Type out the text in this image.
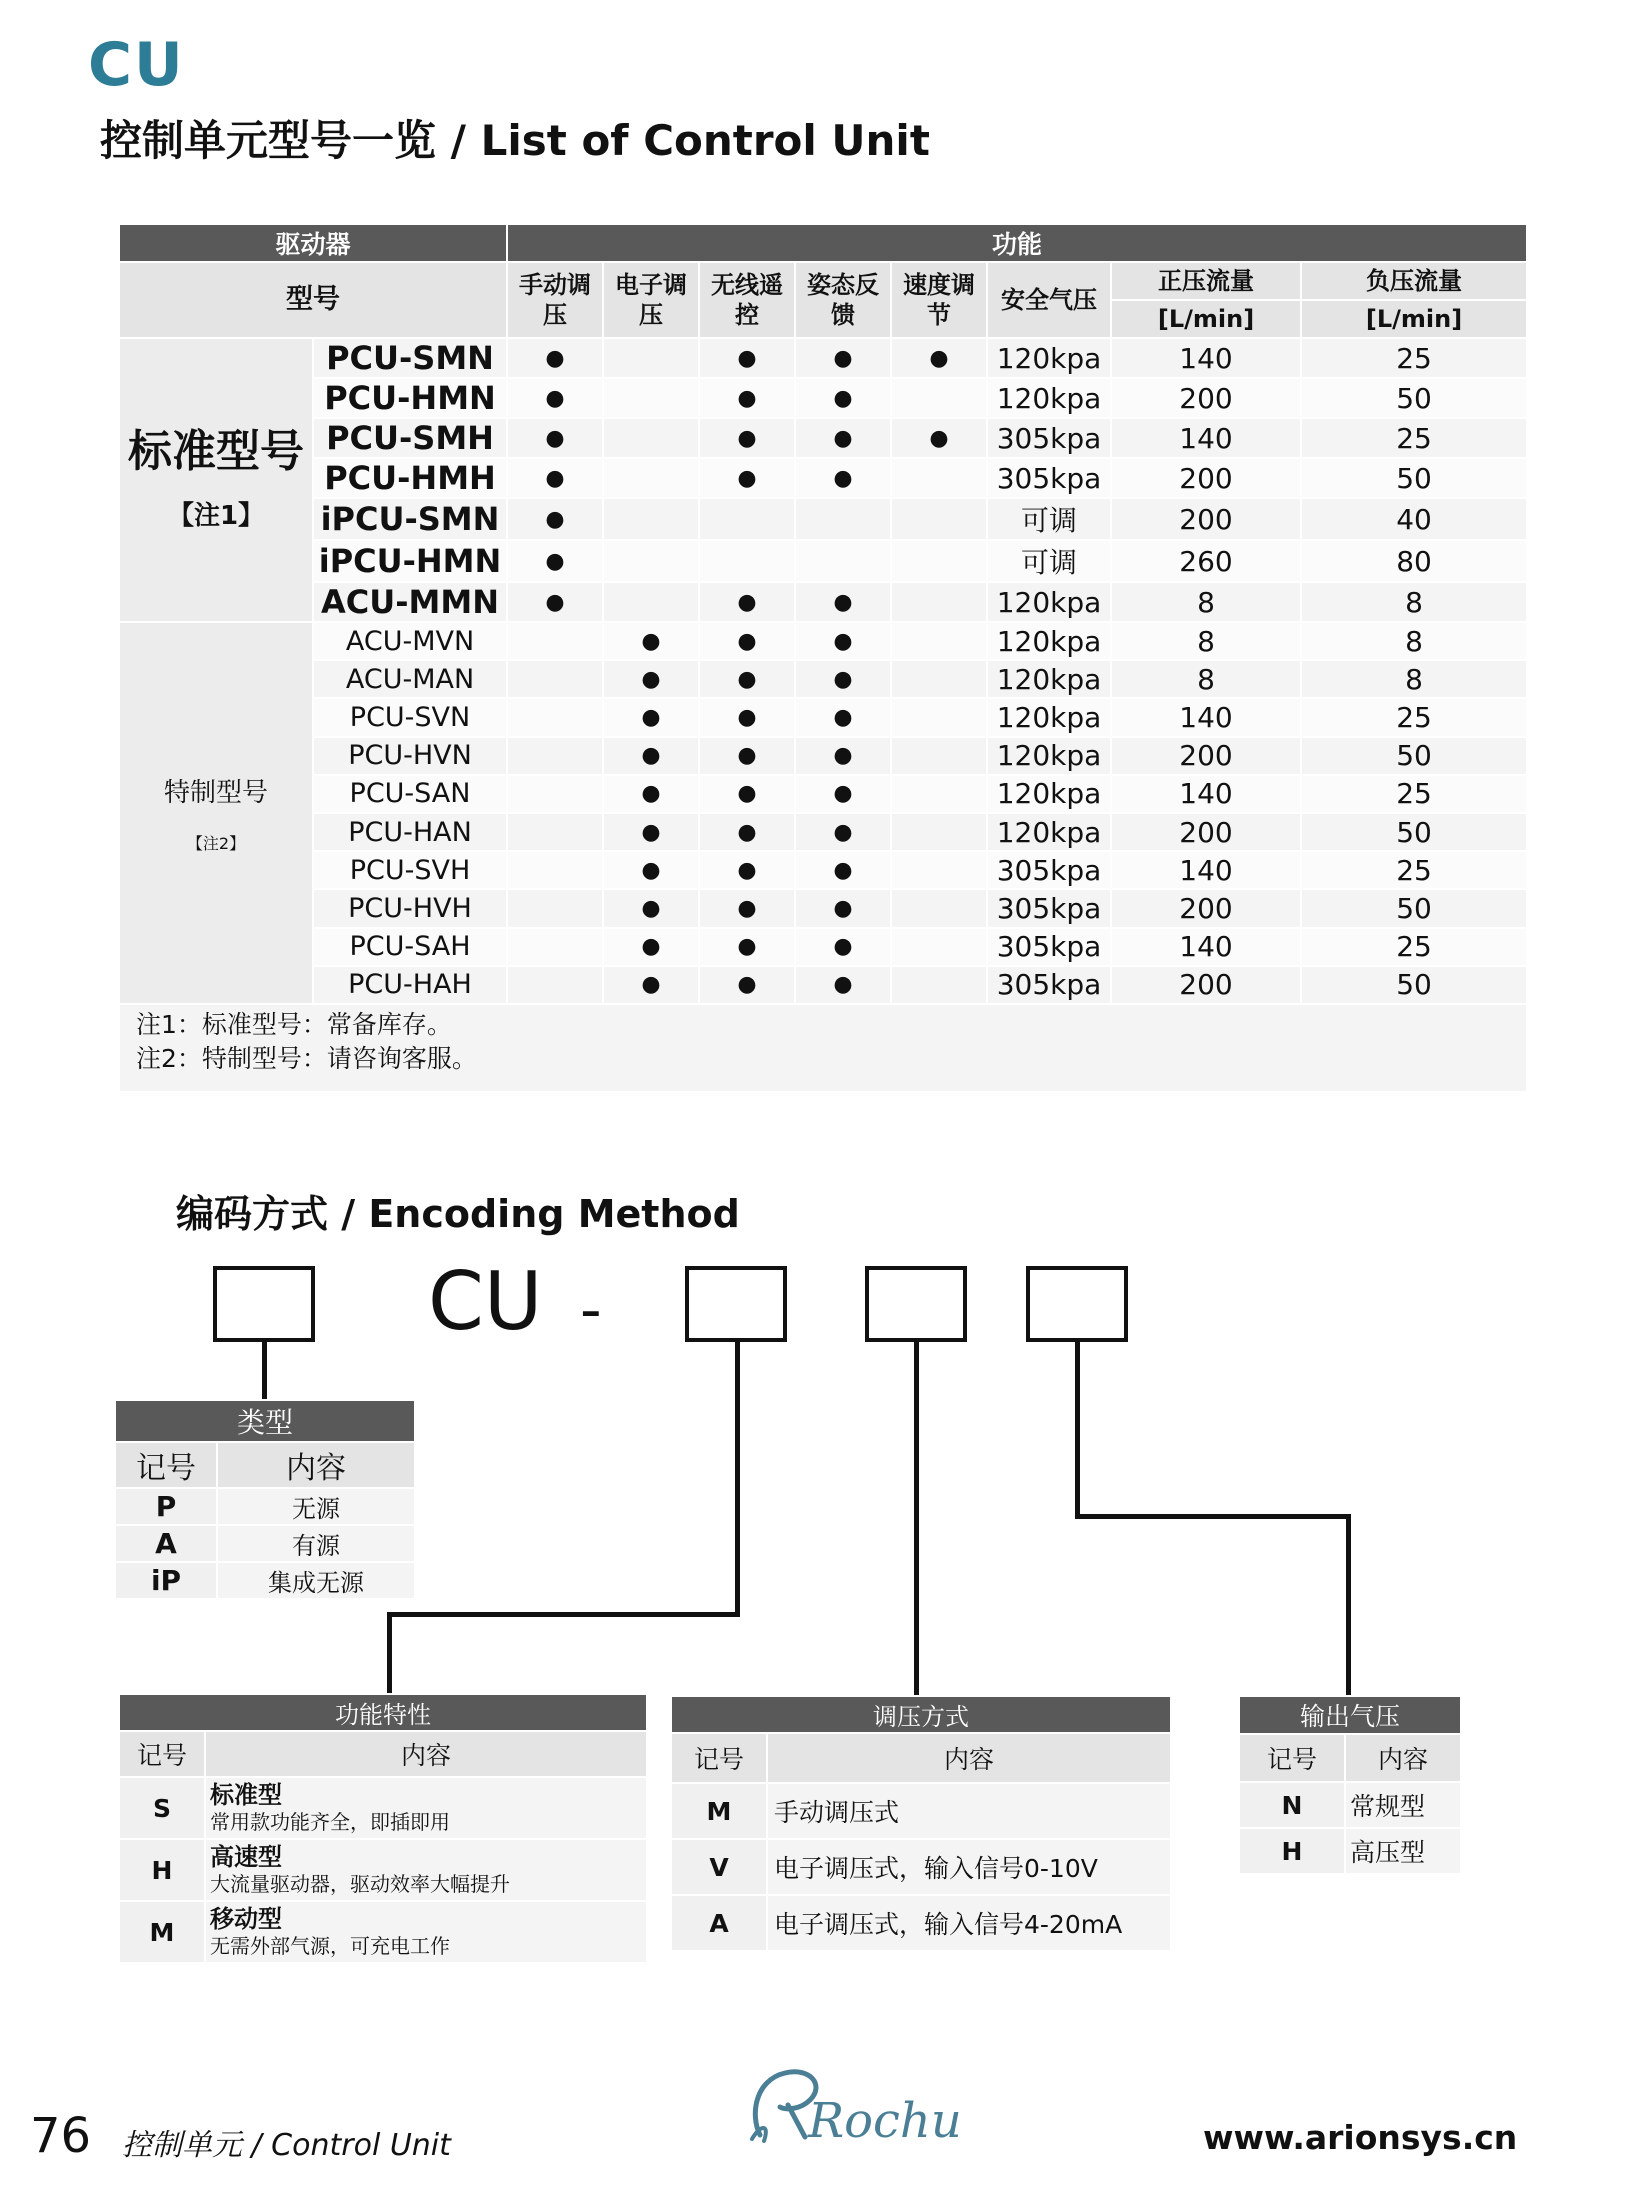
CU
控制单元型号一览 / List of Control Unit
驱动器		功能							
型号		手动调压	电子调压	无线遥控	姿态反馈	速度调节	安全气压	正压流量	负压流量
								[L/min]	[L/min]

标准型号
【注1】	PCU-SMN	●		●	●	●	120kpa	140	25
	PCU-HMN	●		●	●		120kpa	200	50
	PCU-SMH	●		●	●	●	305kpa	140	25
	PCU-HMH	●		●	●		305kpa	200	50
	iPCU-SMN	●					可调	200	40
	iPCU-HMN	●					可调	260	80
	ACU-MMN	●		●	●		120kpa	8	8

特制型号
【注2】	ACU-MVN		●	●	●		120kpa	8	8
	ACU-MAN		●	●	●		120kpa	8	8
	PCU-SVN		●	●	●		120kpa	140	25
	PCU-HVN		●	●	●		120kpa	200	50
	PCU-SAN		●	●	●		120kpa	140	25
	PCU-HAN		●	●	●		120kpa	200	50
	PCU-SVH		●	●	●		305kpa	140	25
	PCU-HVH		●	●	●		305kpa	200	50
	PCU-SAH		●	●	●		305kpa	140	25
	PCU-HAH		●	●	●		305kpa	200	50

注1：标准型号：常备库存。
注2：特制型号：请咨询客服。									
编码方式 / Encoding Method
CU -
类型	
记号	内容
P	无源
A	有源
iP	集成无源
功能特性	
记号	内容
S	标准型
常用款功能齐全，即插即用

H	高速型
大流量驱动器，驱动效率大幅提升

M	移动型
无需外部气源，可充电工作
调压方式	
记号	内容
M	手动调压式
V	电子调压式，输入信号0-10V
A	电子调压式，输入信号4-20mA
输出气压	
记号	内容
N	常规型
H	高压型
76 控制单元 / Control Unit	Rochu	www.arionsys.cn
